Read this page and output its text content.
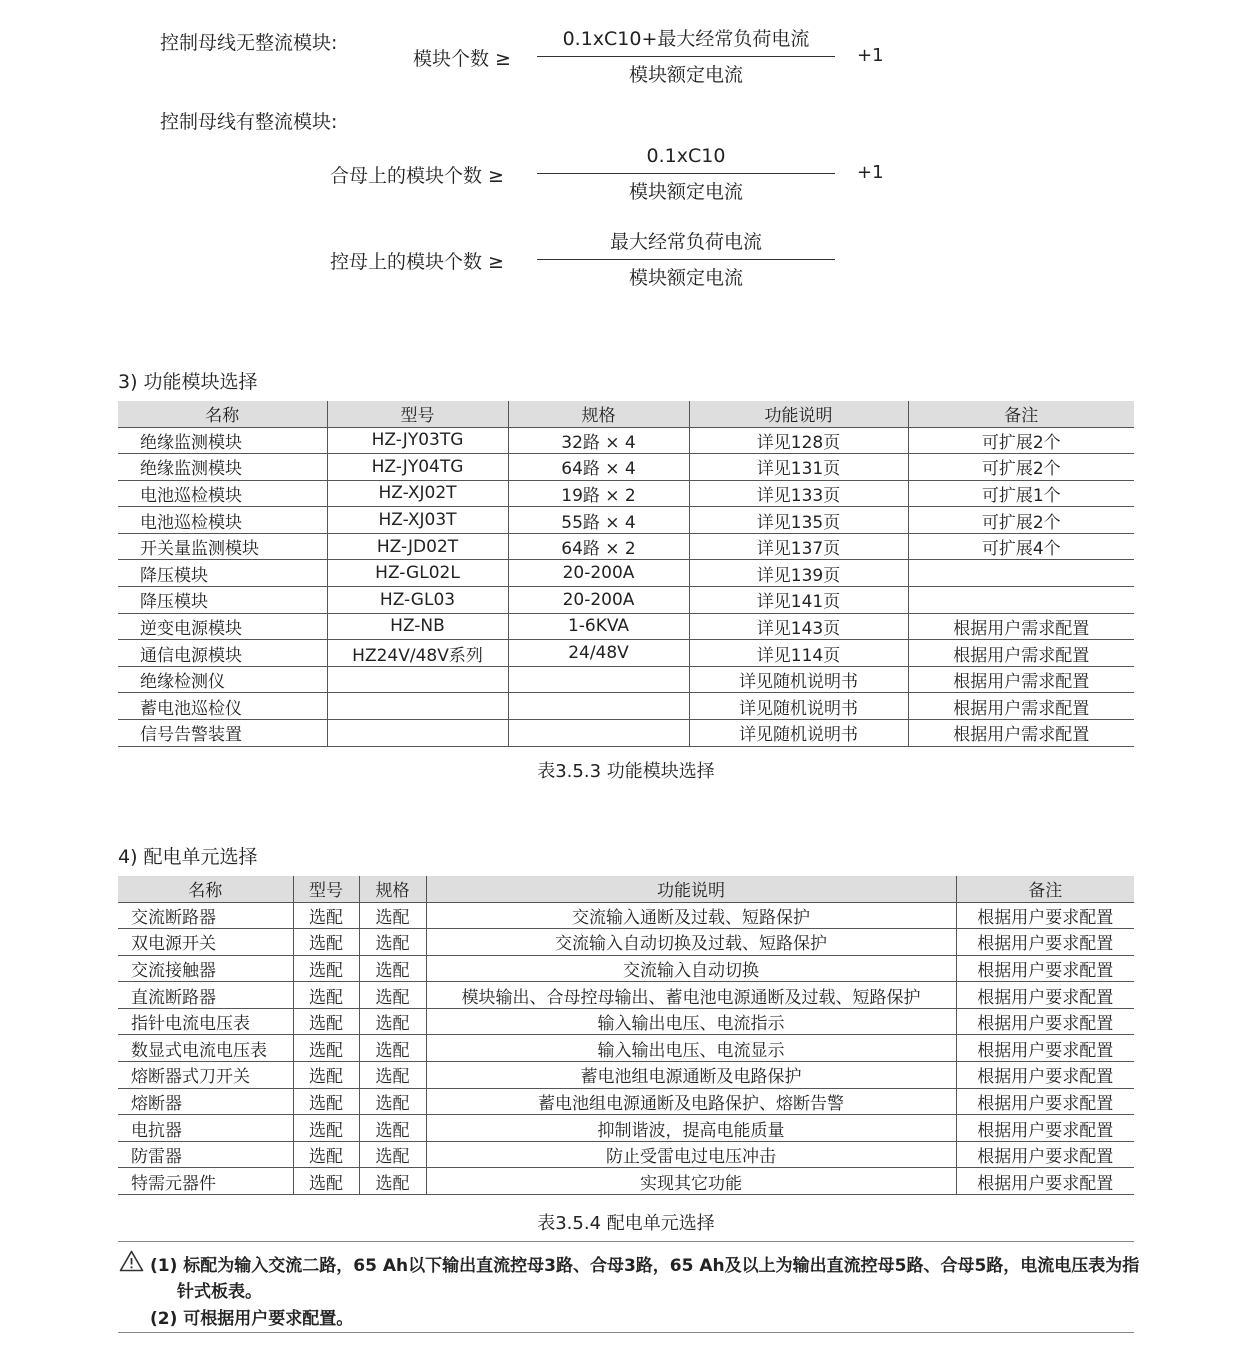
控制母线无整流模块:
模块个数 ≥
0.1xC10+最大经常负荷电流
模块额定电流
+1
控制母线有整流模块:
合母上的模块个数 ≥
0.1xC10
模块额定电流
+1
控母上的模块个数 ≥
最大经常负荷电流
模块额定电流
3) 功能模块选择
名称	型号	规格	功能说明	备注
绝缘监测模块	HZ-JY03TG	32路 × 4	详见128页	可扩展2个
绝缘监测模块	HZ-JY04TG	64路 × 4	详见131页	可扩展2个
电池巡检模块	HZ-XJ02T	19路 × 2	详见133页	可扩展1个
电池巡检模块	HZ-XJ03T	55路 × 4	详见135页	可扩展2个
开关量监测模块	HZ-JD02T	64路 × 2	详见137页	可扩展4个
降压模块	HZ-GL02L	20-200A	详见139页	
降压模块	HZ-GL03	20-200A	详见141页	
逆变电源模块	HZ-NB	1-6KVA	详见143页	根据用户需求配置
通信电源模块	HZ24V/48V系列	24/48V	详见114页	根据用户需求配置
绝缘检测仪			详见随机说明书	根据用户需求配置
蓄电池巡检仪			详见随机说明书	根据用户需求配置
信号告警装置			详见随机说明书	根据用户需求配置
表3.5.3 功能模块选择
4) 配电单元选择
名称	型号	规格	功能说明	备注
交流断路器	选配	选配	交流输入通断及过载、短路保护	根据用户要求配置
双电源开关	选配	选配	交流输入自动切换及过载、短路保护	根据用户要求配置
交流接触器	选配	选配	交流输入自动切换	根据用户要求配置
直流断路器	选配	选配	模块输出、合母控母输出、蓄电池电源通断及过载、短路保护	根据用户要求配置
指针电流电压表	选配	选配	输入输出电压、电流指示	根据用户要求配置
数显式电流电压表	选配	选配	输入输出电压、电流显示	根据用户要求配置
熔断器式刀开关	选配	选配	蓄电池组电源通断及电路保护	根据用户要求配置
熔断器	选配	选配	蓄电池组电源通断及电路保护、熔断告警	根据用户要求配置
电抗器	选配	选配	抑制谐波，提高电能质量	根据用户要求配置
防雷器	选配	选配	防止受雷电过电压冲击	根据用户要求配置
特需元器件	选配	选配	实现其它功能	根据用户要求配置
表3.5.4 配电单元选择
(1) 标配为输入交流二路，65 Ah以下输出直流控母3路、合母3路，65 Ah及以上为输出直流控母5路、合母5路，电流电压表为指
针式板表。
(2) 可根据用户要求配置。
